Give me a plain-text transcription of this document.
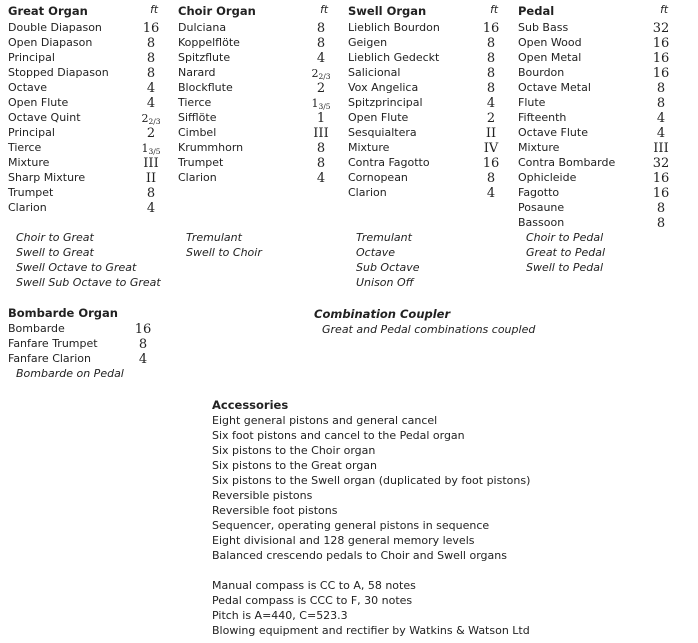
Great Organ	ft
Double Diapason	16
Open Diapason	8
Principal	8
Stopped Diapason	8
Octave	4
Open Flute	4
Octave Quint	$2_{2/3}$
Principal	2
Tierce	$1_{3/5}$
Mixture	III
Sharp Mixture	II
Trumpet	8
Clarion	4
Choir Organ	ft
Dulciana	8
Koppelflöte	8
Spitzflute	4
Narard	$2_{2/3}$
Blockflute	2
Tierce	$1_{3/5}$
Sifflöte	1
Cimbel	III
Krummhorn	8
Trumpet	8
Clarion	4
Swell Organ	ft
Lieblich Bourdon	16
Geigen	8
Lieblich Gedeckt	8
Salicional	8
Vox Angelica	8
Spitzprincipal	4
Open Flute	2
Sesquialtera	II
Mixture	IV
Contra Fagotto	16
Cornopean	8
Clarion	4
Pedal	ft
Sub Bass	32
Open Wood	16
Open Metal	16
Bourdon	16
Octave Metal	8
Flute	8
Fifteenth	4
Octave Flute	4
Mixture	III
Contra Bombarde	32
Ophicleide	16
Fagotto	16
Posaune	8
Bassoon	8
Choir to Great
Swell to Great
Swell Octave to Great
Swell Sub Octave to Great
Tremulant
Swell to Choir
Tremulant
Octave
Sub Octave
Unison Off
Choir to Pedal
Great to Pedal
Swell to Pedal
Bombarde Organ
Bombarde	16
Fanfare Trumpet	8
Fanfare Clarion	4
Bombarde on Pedal
Combination Coupler
Great and Pedal combinations coupled
Accessories
Eight general pistons and general cancel
Six foot pistons and cancel to the Pedal organ
Six pistons to the Choir organ
Six pistons to the Great organ
Six pistons to the Swell organ (duplicated by foot pistons)
Reversible pistons
Reversible foot pistons
Sequencer, operating general pistons in sequence
Eight divisional and 128 general memory levels
Balanced crescendo pedals to Choir and Swell organs
Manual compass is CC to A, 58 notes
Pedal compass is CCC to F, 30 notes
Pitch is A=440, C=523.3
Blowing equipment and rectifier by Watkins & Watson Ltd
